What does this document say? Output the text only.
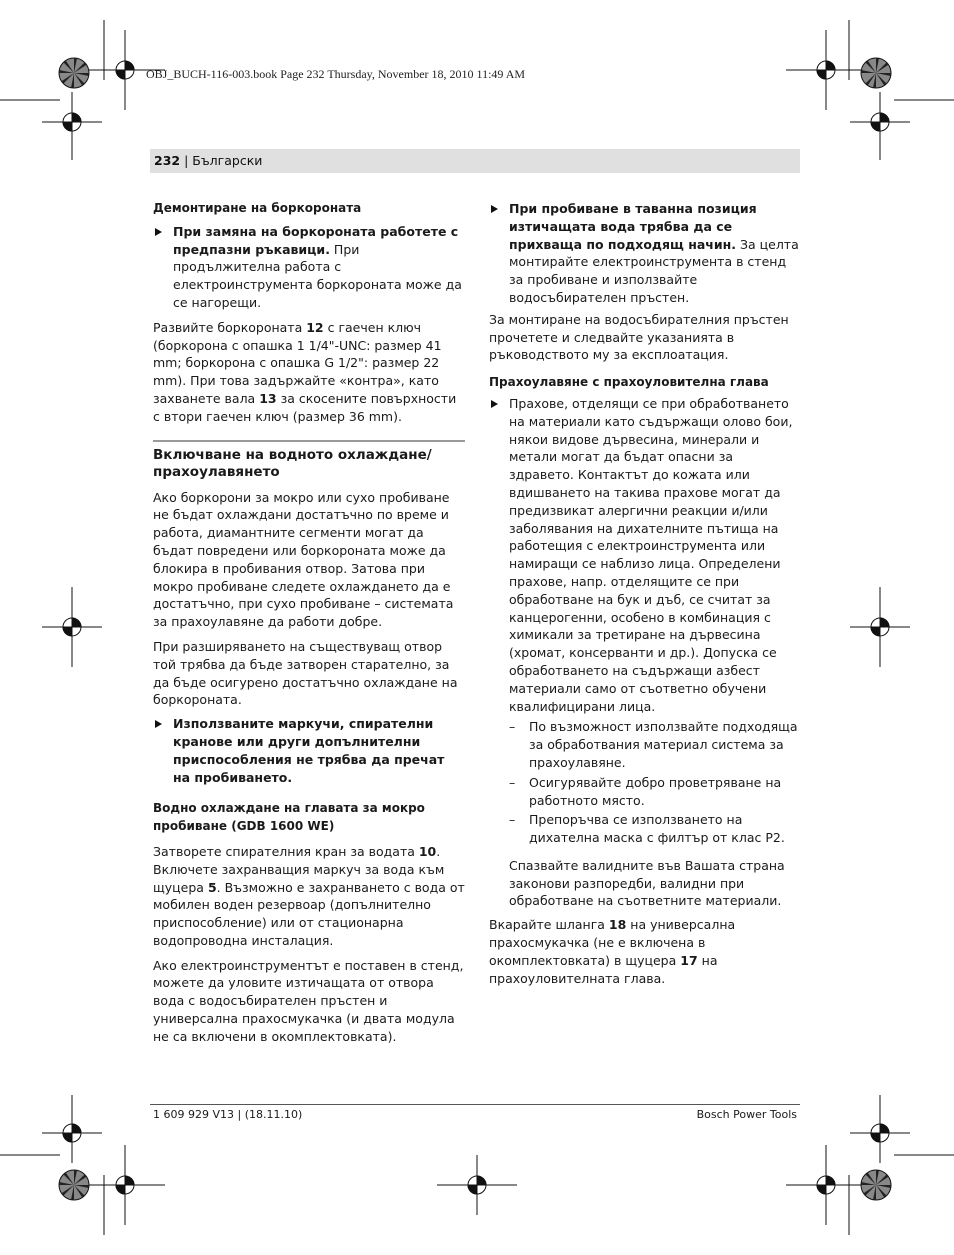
OBJ_BUCH-116-003.book Page 232 Thursday, November 18, 2010 11:49 AM
232 | Български

Демонтиране на боркороната

При замяна на боркороната работете с предпазни ръкавици. При продължителна работа с електроинструмента боркороната може да се нагорещи.

Развийте боркороната 12 с гаечен ключ (боркорона с опашка 1 1/4"-UNC: размер 41 mm; боркорона с опашка G 1/2": размер 22 mm). При това задържайте «контра», като захванете вала 13 за скосените повърхности с втори гаечен ключ (размер 36 mm).

Включване на водното охлаждане/прахоулавянето

Ако боркорони за мокро или сухо пробиване не бъдат охлаждани достатъчно по време и работа, диамантните сегменти могат да бъдат повредени или боркороната може да блокира в пробивания отвор. Затова при мокро пробиване следете охлаждането да е достатъчно, при сухо пробиване – системата за прахоулавяне да работи добре.

При разширяването на съществуващ отвор той трябва да бъде затворен старателно, за да бъде осигурено достатъчно охлаждане на боркороната.

Използваните маркучи, спирателни кранове или други допълнителни приспособления не трябва да пречат на пробиването.

Водно охлаждане на главата за мокро пробиване (GDB 1600 WE)

Затворете спирателния кран за водата 10. Включете захранващия маркуч за вода към щуцера 5. Възможно е захранването с вода от мобилен воден резервоар (допълнително приспособление) или от стационарна водопроводна инсталация.

Ако електроинструментът е поставен в стенд, можете да уловите изтичащата от отвора вода с водосъбирателен пръстен и универсална прахосмукачка (и двата модула не са включени в окомплектовката).

При пробиване в таванна позиция изтичащата вода трябва да се прихваща по подходящ начин. За целта монтирайте електроинструмента в стенд за пробиване и използвайте водосъбирателен пръстен.

За монтиране на водосъбирателния пръстен прочетете и следвайте указанията в ръководството му за експлоатация.

Прахоулавяне с прахоуловителна глава

Прахове, отделящи се при обработването на материали като съдържащи олово бои, някои видове дървесина, минерали и метали могат да бъдат опасни за здравето. Контактът до кожата или вдишването на такива прахове могат да предизвикат алергични реакции и/или заболявания на дихателните пътища на работещия с електроинструмента или намиращи се наблизо лица. Определени прахове, напр. отделящите се при обработване на бук и дъб, се считат за канцерогенни, особено в комбинация с химикали за третиране на дървесина (хромат, консерванти и др.). Допуска се обработването на съдържащи азбест материали само от съответно обучени квалифицирани лица.

– По възможност използвайте подходяща за обработвания материал система за прахоулавяне.

– Осигурявайте добро проветряване на работното място.

– Препоръчва се използването на дихателна маска с филтър от клас P2.

Спазвайте валидните във Вашата страна законови разпоредби, валидни при обработване на съответните материали.

Вкарайте шланга 18 на универсална прахосмукачка (не е включена в окомплектовката) в щуцера 17 на прахоуловителната глава.

1 609 929 V13 | (18.11.10)	Bosch Power Tools
